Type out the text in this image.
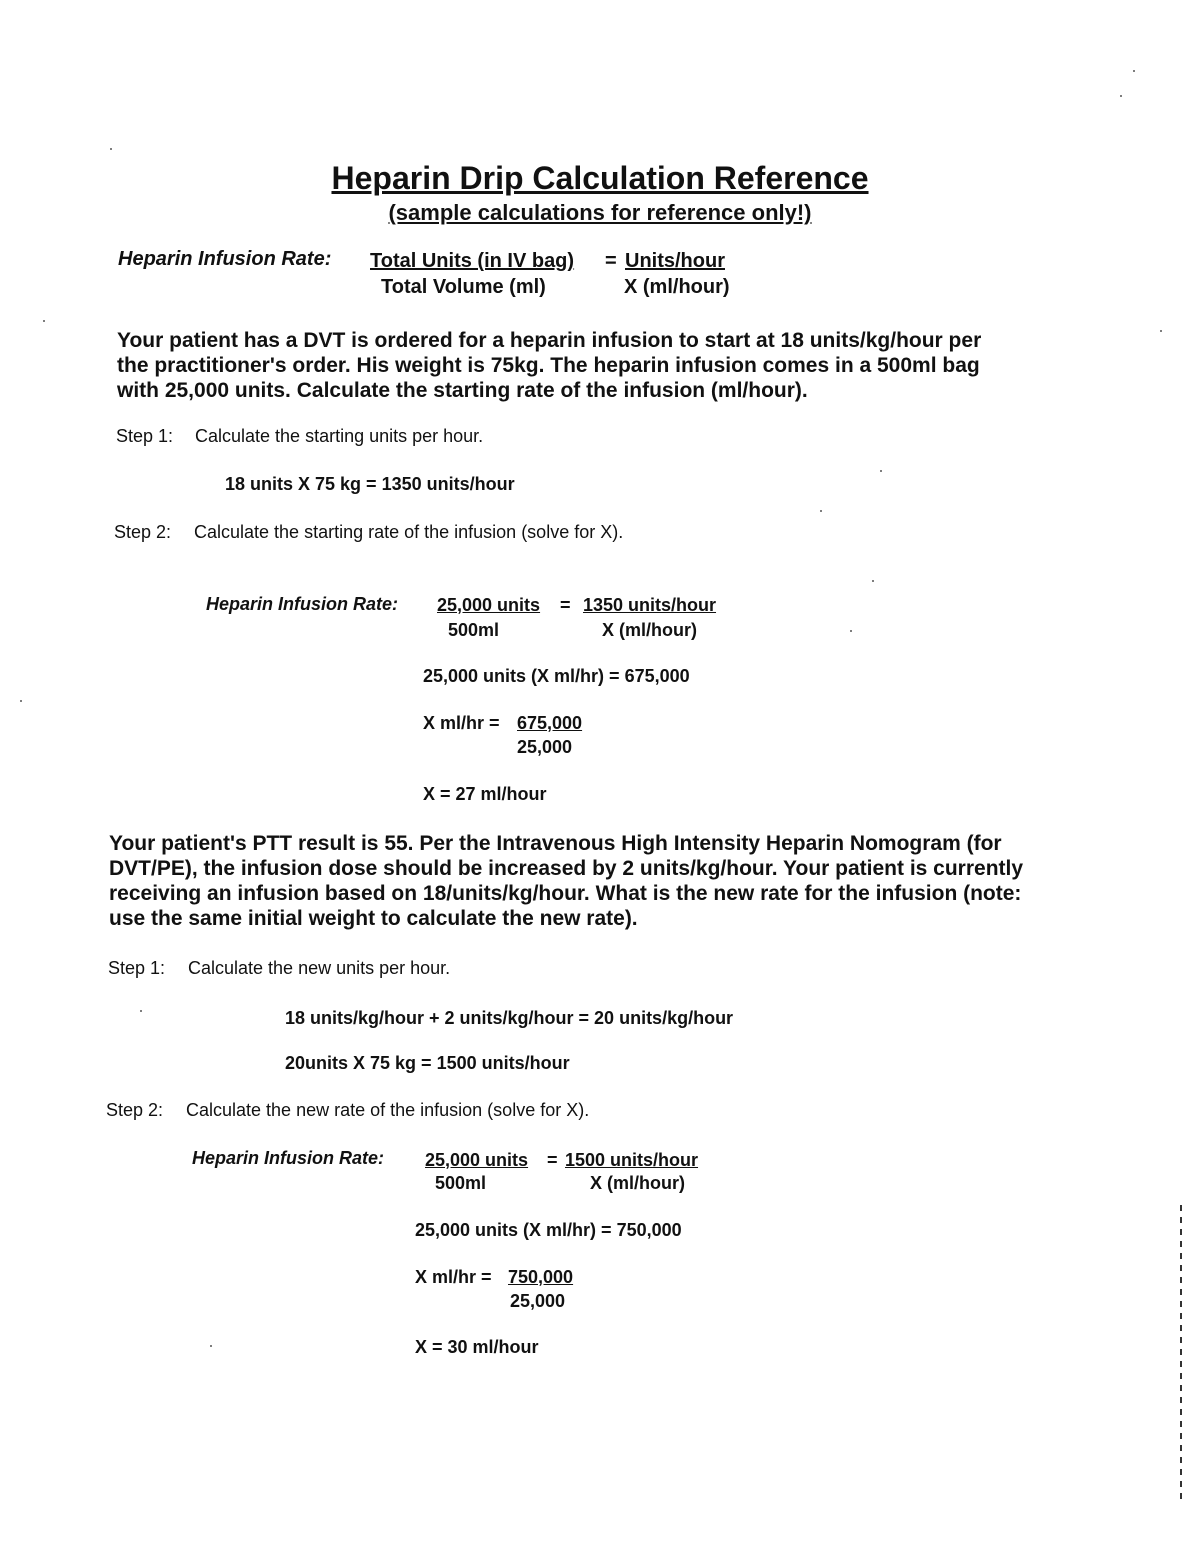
Heparin Drip Calculation Reference
(sample calculations for reference only!)
Heparin Infusion Rate: Total Units (in IV bag) = Units/hour
Total Volume (ml)	X (ml/hour)
Your patient has a DVT is ordered for a heparin infusion to start at 18 units/kg/hour per the practitioner's order. His weight is 75kg. The heparin infusion comes in a 500ml bag with 25,000 units. Calculate the starting rate of the infusion (ml/hour).
Step 1: Calculate the starting units per hour.
18 units X 75 kg = 1350 units/hour
Step 2: Calculate the starting rate of the infusion (solve for X).
Heparin Infusion Rate: 25,000 units = 1350 units/hour
500ml	X (ml/hour)
25,000 units (X ml/hr) = 675,000
X ml/hr = 675,000
25,000
X = 27 ml/hour
Your patient's PTT result is 55. Per the Intravenous High Intensity Heparin Nomogram (for DVT/PE), the infusion dose should be increased by 2 units/kg/hour. Your patient is currently receiving an infusion based on 18/units/kg/hour. What is the new rate for the infusion (note: use the same initial weight to calculate the new rate).
Step 1: Calculate the new units per hour.
18 units/kg/hour + 2 units/kg/hour = 20 units/kg/hour
20units X 75 kg = 1500 units/hour
Step 2: Calculate the new rate of the infusion (solve for X).
Heparin Infusion Rate: 25,000 units = 1500 units/hour
500ml	X (ml/hour)
25,000 units (X ml/hr) = 750,000
X ml/hr = 750,000
25,000
X = 30 ml/hour
